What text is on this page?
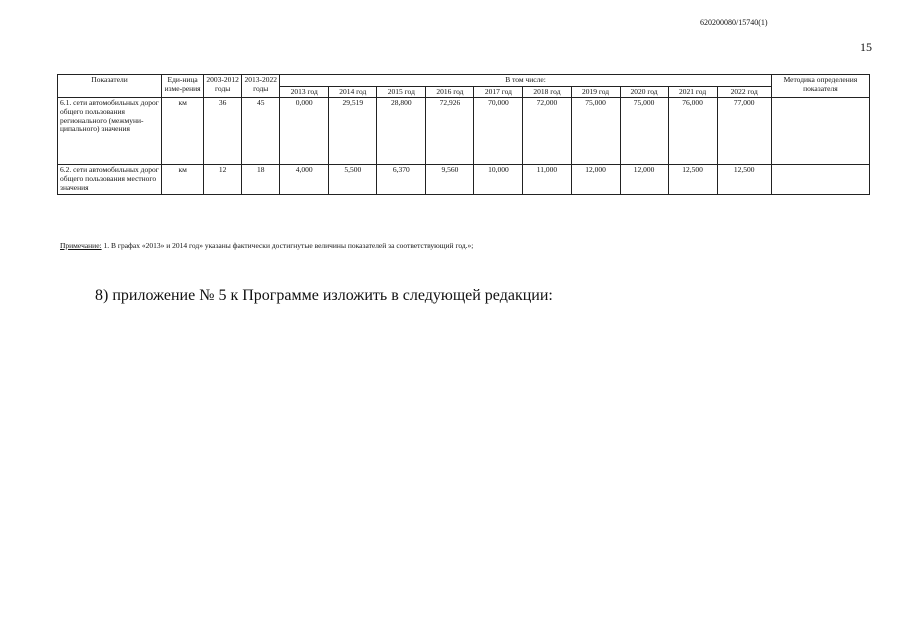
620200080/15740(1)
15
Показатели	Еди-ница изме-рения	2003-2012 годы	2013-2022 годы	В том числе:										Методика определения показателя
				2013 год	2014 год	2015 год	2016 год	2017 год	2018 год	2019 год	2020 год	2021 год	2022 год	
6.1. сети автомобильных дорог общего пользования регионального (межмуни-ципального) значения	км	36	45	0,000	29,519	28,800	72,926	70,000	72,000	75,000	75,000	76,000	77,000	
6.2. сети автомобильных дорог общего пользования местного значения	км	12	18	4,000	5,500	6,370	9,560	10,000	11,000	12,000	12,000	12,500	12,500	
Примечание: 1. В графах «2013» и 2014 год» указаны фактически достигнутые величины показателей за соответствующий год.»;
8) приложение № 5 к Программе изложить в следующей редакции:
